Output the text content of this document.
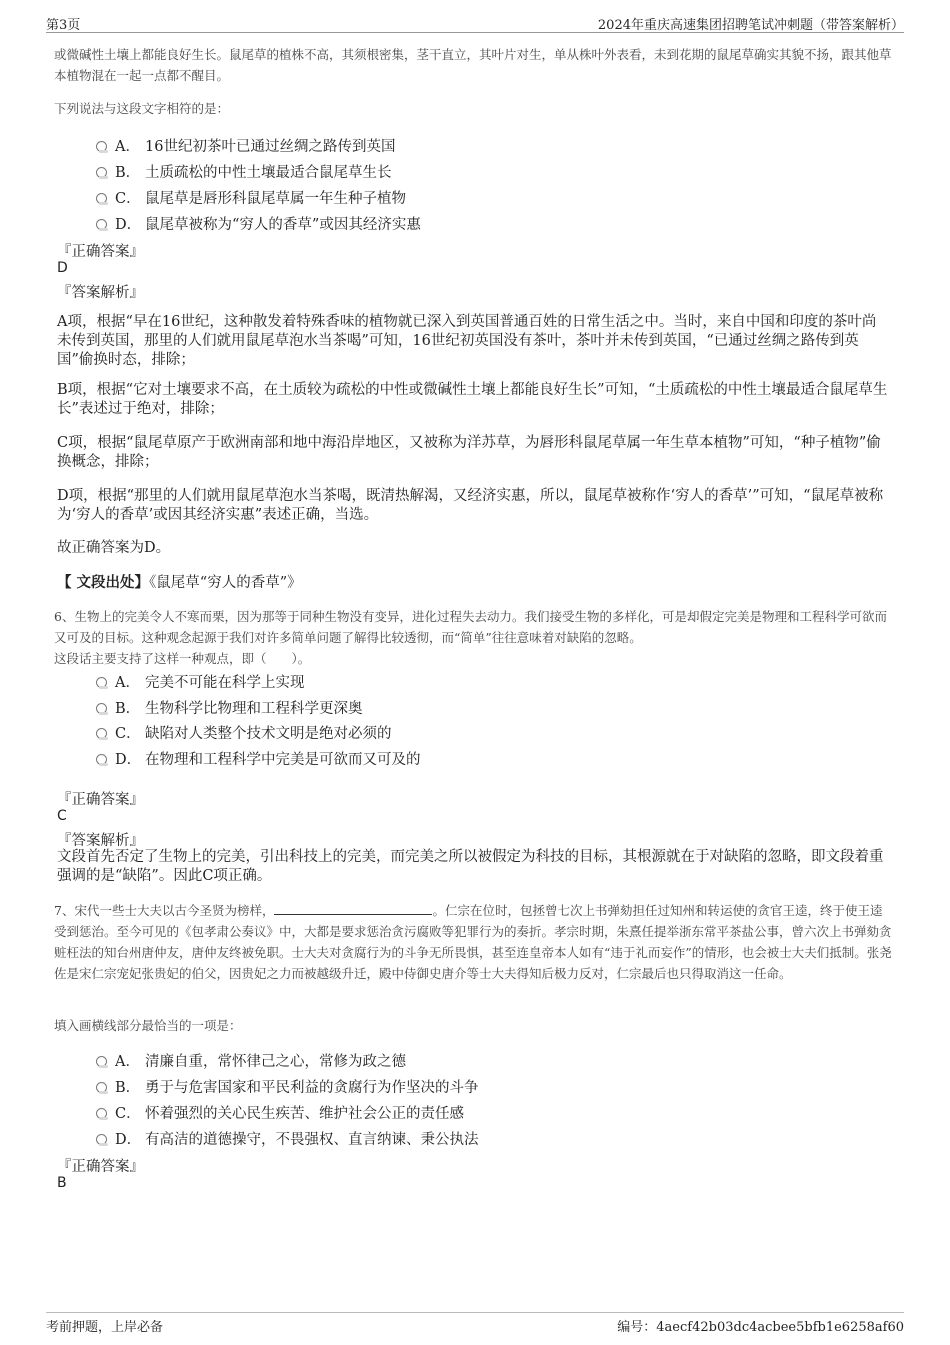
第3页	2024年重庆高速集团招聘笔试冲刺题（带答案解析）
或微碱性土壤上都能良好生长。鼠尾草的植株不高，其须根密集，茎干直立，其叶片对生，单从株叶外表看，未到花期的鼠尾草确实其貌不扬，跟其他草本植物混在一起一点都不醒目。
下列说法与这段文字相符的是：
A． 16世纪初茶叶已通过丝绸之路传到英国
B． 土质疏松的中性土壤最适合鼠尾草生长
C． 鼠尾草是唇形科鼠尾草属一年生种子植物
D． 鼠尾草被称为“穷人的香草”或因其经济实惠
『正确答案』
D
『答案解析』
A项，根据“早在16世纪，这种散发着特殊香味的植物就已深入到英国普通百姓的日常生活之中。当时，来自中国和印度的茶叶尚未传到英国，那里的人们就用鼠尾草泡水当茶喝”可知，16世纪初英国没有茶叶，茶叶并未传到英国，“已通过丝绸之路传到英国”偷换时态，排除；
B项，根据“它对土壤要求不高，在土质较为疏松的中性或微碱性土壤上都能良好生长”可知，“土质疏松的中性土壤最适合鼠尾草生长”表述过于绝对，排除；
C项，根据“鼠尾草原产于欧洲南部和地中海沿岸地区，又被称为洋苏草，为唇形科鼠尾草属一年生草本植物”可知，“种子植物”偷换概念，排除；
D项，根据“那里的人们就用鼠尾草泡水当茶喝，既清热解渴，又经济实惠，所以，鼠尾草被称作‘穷人的香草’”可知，“鼠尾草被称为‘穷人的香草’或因其经济实惠”表述正确，当选。
故正确答案为D。
【 文段出处】《鼠尾草“穷人的香草”》
6、生物上的完美令人不寒而栗，因为那等于同种生物没有变异，进化过程失去动力。我们接受生物的多样化，可是却假定完美是物理和工程科学可欲而又可及的目标。这种观念起源于我们对许多简单问题了解得比较透彻，而“简单”往往意味着对缺陷的忽略。
这段话主要支持了这样一种观点，即（　　）。
A． 完美不可能在科学上实现
B． 生物科学比物理和工程科学更深奥
C． 缺陷对人类整个技术文明是绝对必须的
D． 在物理和工程科学中完美是可欲而又可及的
『正确答案』
C
『答案解析』
文段首先否定了生物上的完美，引出科技上的完美，而完美之所以被假定为科技的目标，其根源就在于对缺陷的忽略，即文段着重强调的是“缺陷”。因此C项正确。
7、宋代一些士大夫以古今圣贤为榜样，	。仁宗在位时，包拯曾七次上书弹劾担任过知州和转运使的贪官王逵，终于使王逵受到惩治。至今可见的《包孝肃公奏议》中，大都是要求惩治贪污腐败等犯罪行为的奏折。孝宗时期，朱熹任提举浙东常平茶盐公事，曾六次上书弹劾贪赃枉法的知台州唐仲友，唐仲友终被免职。士大夫对贪腐行为的斗争无所畏惧，甚至连皇帝本人如有“违于礼而妄作”的情形，也会被士大夫们抵制。张尧佐是宋仁宗宠妃张贵妃的伯父，因贵妃之力而被越级升迁，殿中侍御史唐介等士大夫得知后极力反对，仁宗最后也只得取消这一任命。
填入画横线部分最恰当的一项是：
A． 清廉自重，常怀律己之心，常修为政之德
B． 勇于与危害国家和平民利益的贪腐行为作坚决的斗争
C． 怀着强烈的关心民生疾苦、维护社会公正的责任感
D． 有高洁的道德操守，不畏强权、直言纳谏、秉公执法
『正确答案』
B
考前押题，上岸必备	编号：4aecf42b03dc4acbee5bfb1e6258af60
